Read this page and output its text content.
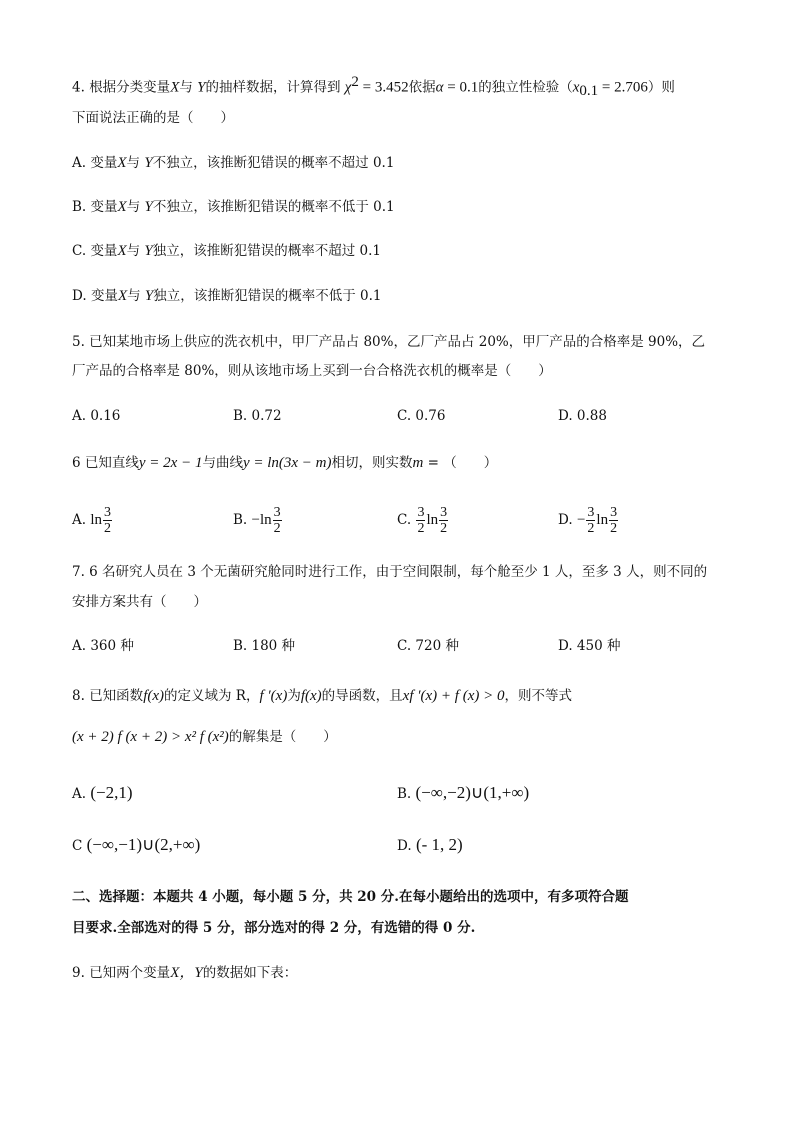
4. 根据分类变量X与 Y的抽样数据，计算得到 $\chi^2 = 3.452$依据α = 0.1的独立性检验$(x_{0.1} = 2.706)$则
下面说法正确的是（　　）
A. 变量X与 Y不独立，该推断犯错误的概率不超过 0.1
B. 变量X与 Y不独立，该推断犯错误的概率不低于 0.1
C. 变量X与 Y独立，该推断犯错误的概率不超过 0.1
D. 变量X与 Y独立，该推断犯错误的概率不低于 0.1
5. 已知某地市场上供应的洗衣机中，甲厂产品占 80%，乙厂产品占 20%，甲厂产品的合格率是 90%，乙
厂产品的合格率是 80%，则从该地市场上买到一台合格洗衣机的概率是（　　）
A. 0.16	B. 0.72	C. 0.76	D. 0.88
6 已知直线y = 2x − 1与曲线y = ln(3x − m)相切，则实数m = （　　）
A. $\ln \frac{3}{2}$	B. $-\ln \frac{3}{2}$	C. $\frac{3}{2}$ $\ln \frac{3}{2}$	D. − $\frac{3}{2}$ $\ln \frac{3}{2}$
7. 6 名研究人员在 3 个无菌研究舱同时进行工作，由于空间限制，每个舱至少 1 人，至多 3 人，则不同的
安排方案共有（　　）
A. 360 种	B. 180 种	C. 720 种	D. 450 种
8. 已知函数f(x)的定义域为 R，f ′(x)为f(x)的导函数，且xf ′(x) + f (x) > 0，则不等式
(x + 2) f (x + 2) > x² f (x²)的解集是（　　）
A. (−2,1)	B. (−∞,−2)∪(1,+∞)
C (−∞,−1)∪(2,+∞)	D. (- 1, 2)
二、选择题：本题共 4 小题，每小题 5 分，共 20 分.在每小题给出的选项中，有多项符合题
目要求.全部选对的得 5 分，部分选对的得 2 分，有选错的得 0 分.
9. 已知两个变量X，Y的数据如下表：
